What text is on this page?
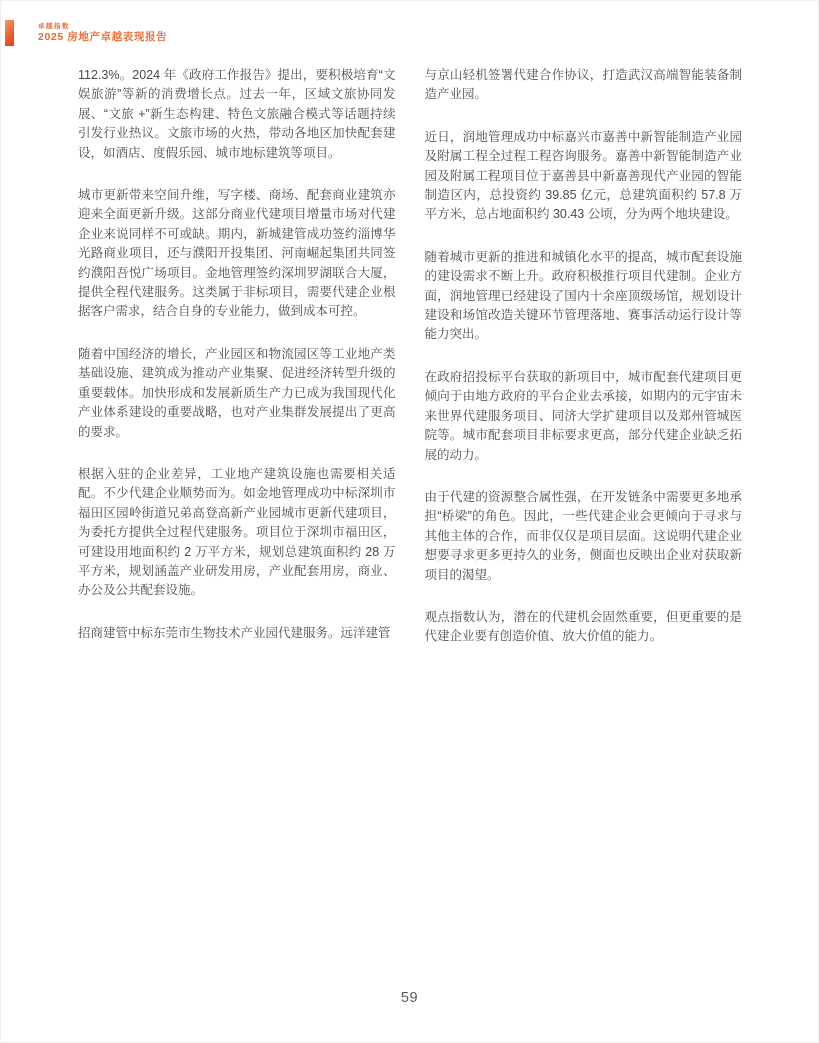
卓越指数
2025 房地产卓越表现报告

112.3%。2024 年《政府工作报告》提出，要积极培育“文娱旅游”等新的消费增长点。过去一年，区域文旅协同发展、“文旅 +”新生态构建、特色文旅融合模式等话题持续引发行业热议。文旅市场的火热，带动各地区加快配套建设，如酒店、度假乐园、城市地标建筑等项目。

城市更新带来空间升维，写字楼、商场、配套商业建筑亦迎来全面更新升级。这部分商业代建项目增量市场对代建企业来说同样不可或缺。期内，新城建管成功签约淄博华光路商业项目，还与濮阳开投集团、河南崛起集团共同签约濮阳吾悦广场项目。金地管理签约深圳罗湖联合大厦，提供全程代建服务。这类属于非标项目，需要代建企业根据客户需求，结合自身的专业能力，做到成本可控。

随着中国经济的增长，产业园区和物流园区等工业地产类基础设施、建筑成为推动产业集聚、促进经济转型升级的重要载体。加快形成和发展新质生产力已成为我国现代化产业体系建设的重要战略，也对产业集群发展提出了更高的要求。

根据入驻的企业差异，工业地产建筑设施也需要相关适配。不少代建企业顺势而为。如金地管理成功中标深圳市福田区园岭街道兄弟高登高新产业园城市更新代建项目，为委托方提供全过程代建服务。项目位于深圳市福田区，可建设用地面积约 2 万平方米，规划总建筑面积约 28 万平方米，规划涵盖产业研发用房，产业配套用房，商业、办公及公共配套设施。

招商建管中标东莞市生物技术产业园代建服务。远洋建管

与京山轻机签署代建合作协议，打造武汉高端智能装备制造产业园。

近日，润地管理成功中标嘉兴市嘉善中新智能制造产业园及附属工程全过程工程咨询服务。嘉善中新智能制造产业园及附属工程项目位于嘉善县中新嘉善现代产业园的智能制造区内，总投资约 39.85 亿元，总建筑面积约 57.8 万平方米，总占地面积约 30.43 公顷，分为两个地块建设。

随着城市更新的推进和城镇化水平的提高，城市配套设施的建设需求不断上升。政府积极推行项目代建制。企业方面，润地管理已经建设了国内十余座顶级场馆，规划设计建设和场馆改造关键环节管理落地、赛事活动运行设计等能力突出。

在政府招投标平台获取的新项目中，城市配套代建项目更倾向于由地方政府的平台企业去承接，如期内的元宇宙未来世界代建服务项目、同济大学扩建项目以及郑州管城医院等。城市配套项目非标要求更高，部分代建企业缺乏拓展的动力。

由于代建的资源整合属性强，在开发链条中需要更多地承担“桥梁”的角色。因此，一些代建企业会更倾向于寻求与其他主体的合作，而非仅仅是项目层面。这说明代建企业想要寻求更多更持久的业务，侧面也反映出企业对获取新项目的渴望。

观点指数认为，潜在的代建机会固然重要，但更重要的是代建企业要有创造价值、放大价值的能力。

59
